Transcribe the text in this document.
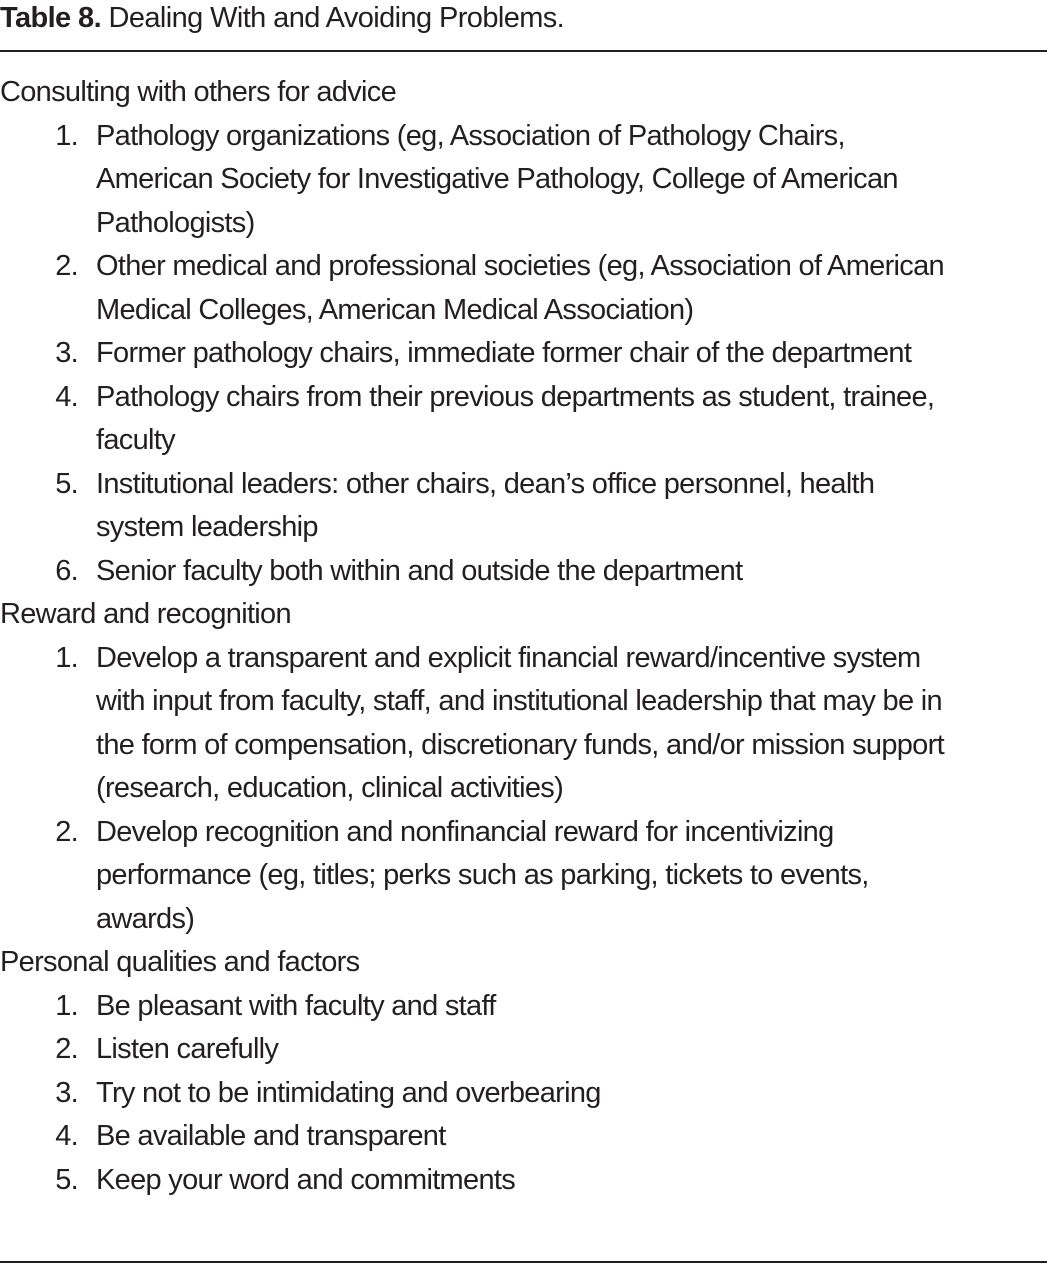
Table 8. Dealing With and Avoiding Problems.
Consulting with others for advice
1. Pathology organizations (eg, Association of Pathology Chairs, American Society for Investigative Pathology, College of American Pathologists)
2. Other medical and professional societies (eg, Association of American Medical Colleges, American Medical Association)
3. Former pathology chairs, immediate former chair of the department
4. Pathology chairs from their previous departments as student, trainee, faculty
5. Institutional leaders: other chairs, dean’s office personnel, health system leadership
6. Senior faculty both within and outside the department
Reward and recognition
1. Develop a transparent and explicit financial reward/incentive system with input from faculty, staff, and institutional leadership that may be in the form of compensation, discretionary funds, and/or mission support (research, education, clinical activities)
2. Develop recognition and nonfinancial reward for incentivizing performance (eg, titles; perks such as parking, tickets to events, awards)
Personal qualities and factors
1. Be pleasant with faculty and staff
2. Listen carefully
3. Try not to be intimidating and overbearing
4. Be available and transparent
5. Keep your word and commitments
